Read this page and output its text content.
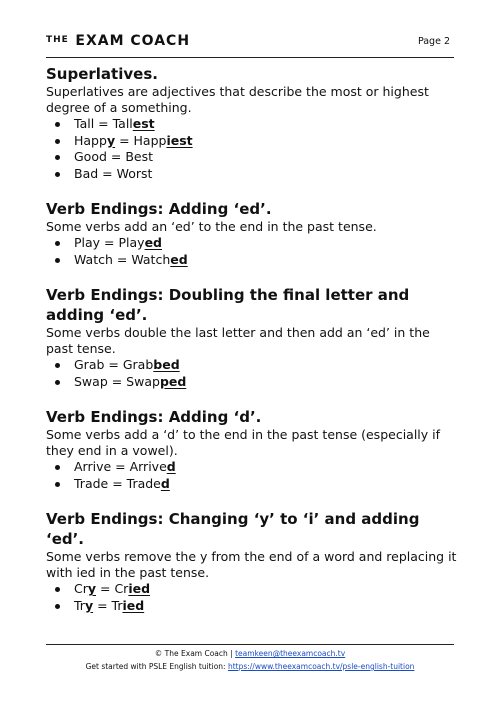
THE EXAM COACH	Page 2
Superlatives.

Superlatives are adjectives that describe the most or highest degree of a something.

Tall = Tallest
Happy = Happiest
Good = Best
Bad = Worst
Verb Endings: Adding ‘ed’.

Some verbs add an ‘ed’ to the end in the past tense.

Play = Played
Watch = Watched
Verb Endings: Doubling the final letter and adding ‘ed’.

Some verbs double the last letter and then add an ‘ed’ in the past tense.

Grab = Grabbed
Swap = Swapped
Verb Endings: Adding ‘d’.

Some verbs add a ‘d’ to the end in the past tense (especially if they end in a vowel).

Arrive = Arrived
Trade = Traded
Verb Endings: Changing ‘y’ to ‘i’ and adding ‘ed’.

Some verbs remove the y from the end of a word and replacing it with ied in the past tense.

Cry = Cried
Try = Tried
© The Exam Coach | teamkeen@theexamcoach.tv
Get started with PSLE English tuition: https://www.theexamcoach.tv/psle-english-tuition
